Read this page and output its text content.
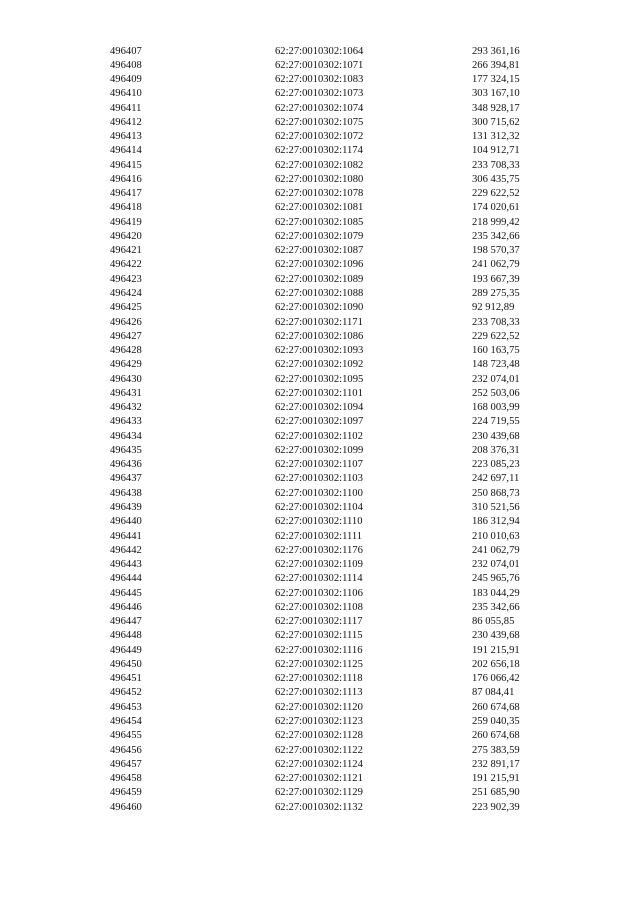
496407	62:27:0010302:1064	293 361,16
496408	62:27:0010302:1071	266 394,81
496409	62:27:0010302:1083	177 324,15
496410	62:27:0010302:1073	303 167,10
496411	62:27:0010302:1074	348 928,17
496412	62:27:0010302:1075	300 715,62
496413	62:27:0010302:1072	131 312,32
496414	62:27:0010302:1174	104 912,71
496415	62:27:0010302:1082	233 708,33
496416	62:27:0010302:1080	306 435,75
496417	62:27:0010302:1078	229 622,52
496418	62:27:0010302:1081	174 020,61
496419	62:27:0010302:1085	218 999,42
496420	62:27:0010302:1079	235 342,66
496421	62:27:0010302:1087	198 570,37
496422	62:27:0010302:1096	241 062,79
496423	62:27:0010302:1089	193 667,39
496424	62:27:0010302:1088	289 275,35
496425	62:27:0010302:1090	92 912,89
496426	62:27:0010302:1171	233 708,33
496427	62:27:0010302:1086	229 622,52
496428	62:27:0010302:1093	160 163,75
496429	62:27:0010302:1092	148 723,48
496430	62:27:0010302:1095	232 074,01
496431	62:27:0010302:1101	252 503,06
496432	62:27:0010302:1094	168 003,99
496433	62:27:0010302:1097	224 719,55
496434	62:27:0010302:1102	230 439,68
496435	62:27:0010302:1099	208 376,31
496436	62:27:0010302:1107	223 085,23
496437	62:27:0010302:1103	242 697,11
496438	62:27:0010302:1100	250 868,73
496439	62:27:0010302:1104	310 521,56
496440	62:27:0010302:1110	186 312,94
496441	62:27:0010302:1111	210 010,63
496442	62:27:0010302:1176	241 062,79
496443	62:27:0010302:1109	232 074,01
496444	62:27:0010302:1114	245 965,76
496445	62:27:0010302:1106	183 044,29
496446	62:27:0010302:1108	235 342,66
496447	62:27:0010302:1117	86 055,85
496448	62:27:0010302:1115	230 439,68
496449	62:27:0010302:1116	191 215,91
496450	62:27:0010302:1125	202 656,18
496451	62:27:0010302:1118	176 066,42
496452	62:27:0010302:1113	87 084,41
496453	62:27:0010302:1120	260 674,68
496454	62:27:0010302:1123	259 040,35
496455	62:27:0010302:1128	260 674,68
496456	62:27:0010302:1122	275 383,59
496457	62:27:0010302:1124	232 891,17
496458	62:27:0010302:1121	191 215,91
496459	62:27:0010302:1129	251 685,90
496460	62:27:0010302:1132	223 902,39
